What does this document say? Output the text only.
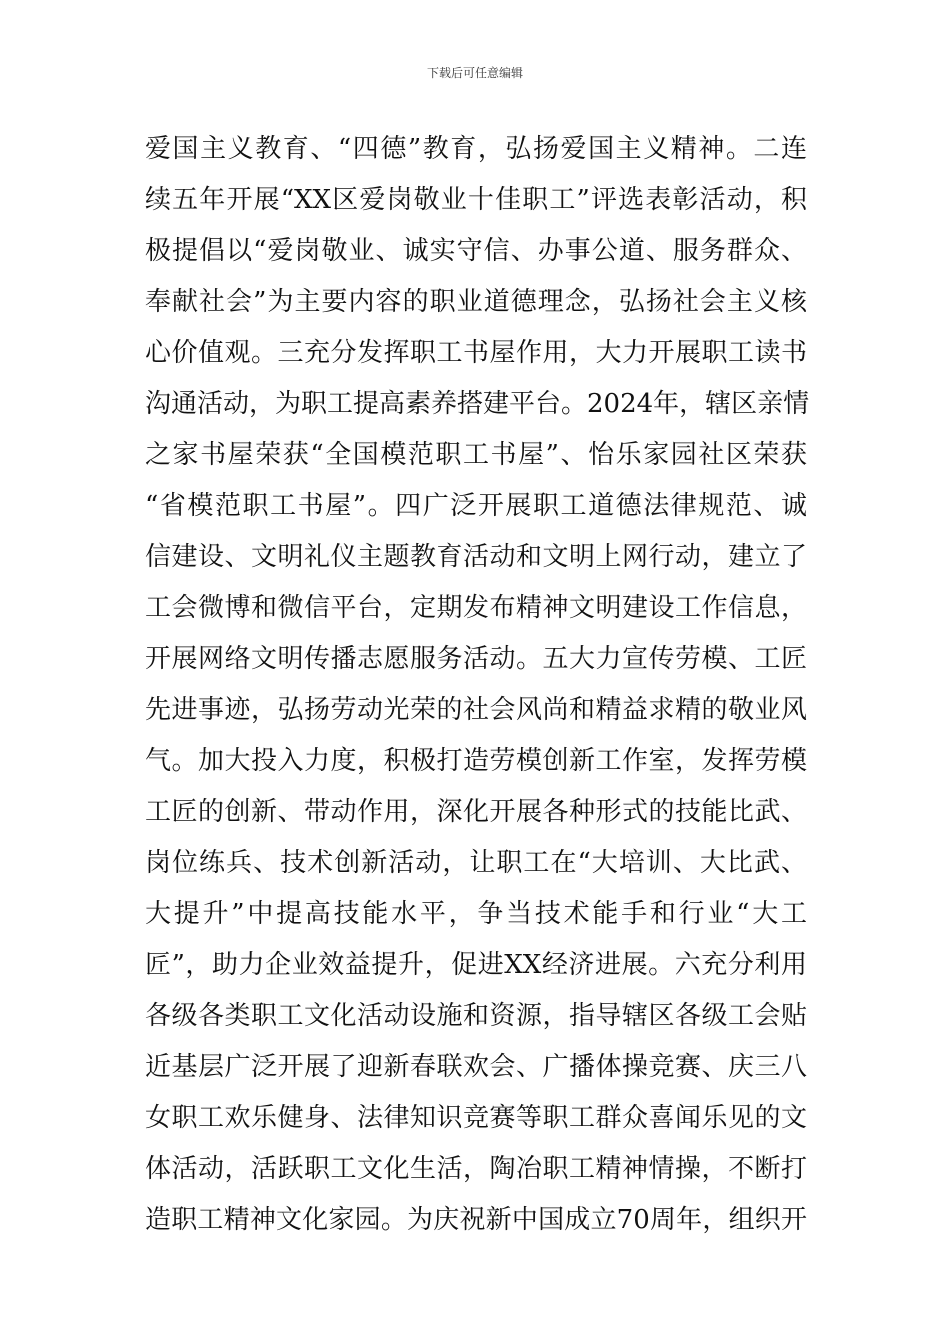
下载后可任意编辑
爱国主义教育、“四德”教育，弘扬爱国主义精神。二连
续五年开展“XX区爱岗敬业十佳职工”评选表彰活动，积
极提倡以“爱岗敬业、诚实守信、办事公道、服务群众、
奉献社会”为主要内容的职业道德理念，弘扬社会主义核
心价值观。三充分发挥职工书屋作用，大力开展职工读书
沟通活动，为职工提高素养搭建平台。2024年，辖区亲情
之家书屋荣获“全国模范职工书屋”、怡乐家园社区荣获
“省模范职工书屋”。四广泛开展职工道德法律规范、诚
信建设、文明礼仪主题教育活动和文明上网行动，建立了
工会微博和微信平台，定期发布精神文明建设工作信息，
开展网络文明传播志愿服务活动。五大力宣传劳模、工匠
先进事迹，弘扬劳动光荣的社会风尚和精益求精的敬业风
气。加大投入力度，积极打造劳模创新工作室，发挥劳模
工匠的创新、带动作用，深化开展各种形式的技能比武、
岗位练兵、技术创新活动，让职工在“大培训、大比武、
大提升”中提高技能水平，争当技术能手和行业“大工
匠”，助力企业效益提升，促进XX经济进展。六充分利用
各级各类职工文化活动设施和资源，指导辖区各级工会贴
近基层广泛开展了迎新春联欢会、广播体操竞赛、庆三八
女职工欢乐健身、法律知识竞赛等职工群众喜闻乐见的文
体活动，活跃职工文化生活，陶冶职工精神情操，不断打
造职工精神文化家园。为庆祝新中国成立70周年，组织开
